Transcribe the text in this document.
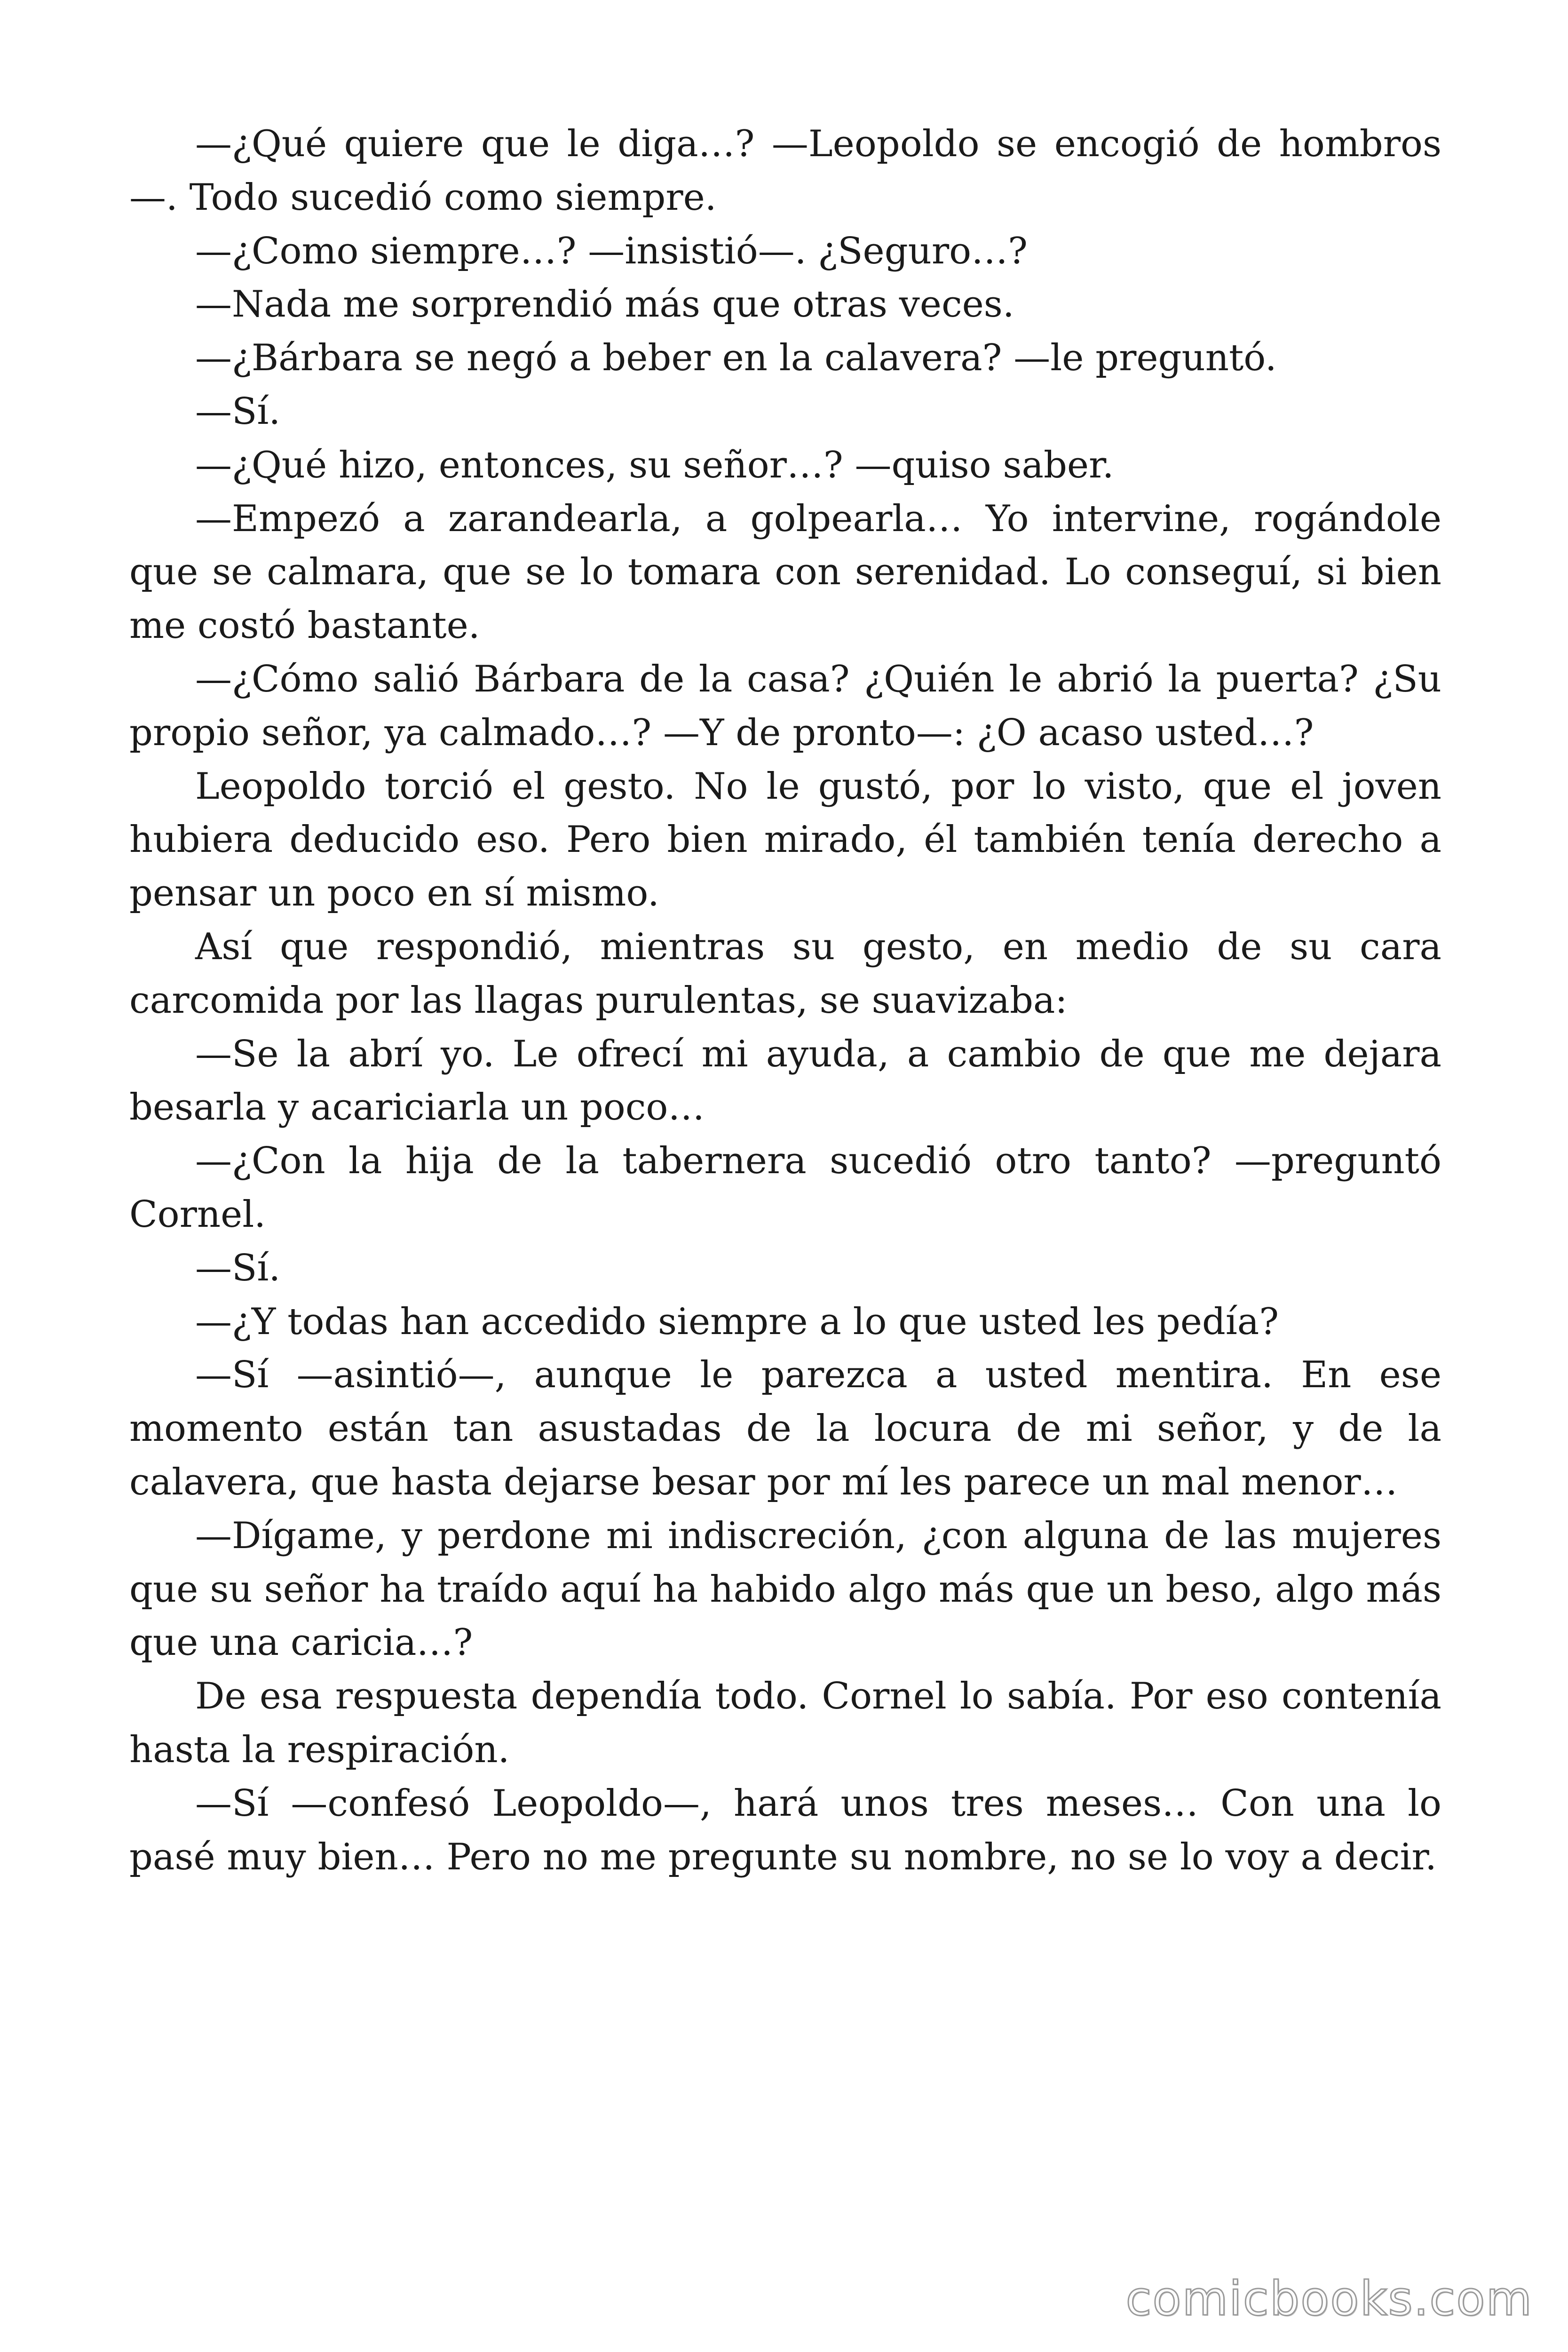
—¿Qué quiere que le diga…? —Leopoldo se encogió de hombros —. Todo sucedió como siempre.

—¿Como siempre…? —insistió—. ¿Seguro…?

—Nada me sorprendió más que otras veces.

—¿Bárbara se negó a beber en la calavera? —le preguntó.

—Sí.

—¿Qué hizo, entonces, su señor…? —quiso saber.

—Empezó a zarandearla, a golpearla… Yo intervine, rogándole que se calmara, que se lo tomara con serenidad. Lo conseguí, si bien me costó bastante.

—¿Cómo salió Bárbara de la casa? ¿Quién le abrió la puerta? ¿Su propio señor, ya calmado…? —Y de pronto—: ¿O acaso usted…?

Leopoldo torció el gesto. No le gustó, por lo visto, que el joven hubiera deducido eso. Pero bien mirado, él también tenía derecho a pensar un poco en sí mismo.

Así que respondió, mientras su gesto, en medio de su cara carcomida por las llagas purulentas, se suavizaba:

—Se la abrí yo. Le ofrecí mi ayuda, a cambio de que me dejara besarla y acariciarla un poco…

—¿Con la hija de la tabernera sucedió otro tanto? —preguntó Cornel.

—Sí.

—¿Y todas han accedido siempre a lo que usted les pedía?

—Sí —asintió—, aunque le parezca a usted mentira. En ese momento están tan asustadas de la locura de mi señor, y de la calavera, que hasta dejarse besar por mí les parece un mal menor…

—Dígame, y perdone mi indiscreción, ¿con alguna de las mujeres que su señor ha traído aquí ha habido algo más que un beso, algo más que una caricia…?

De esa respuesta dependía todo. Cornel lo sabía. Por eso contenía hasta la respiración.

—Sí —confesó Leopoldo—, hará unos tres meses… Con una lo pasé muy bien… Pero no me pregunte su nombre, no se lo voy a decir.

comicbooks.com
